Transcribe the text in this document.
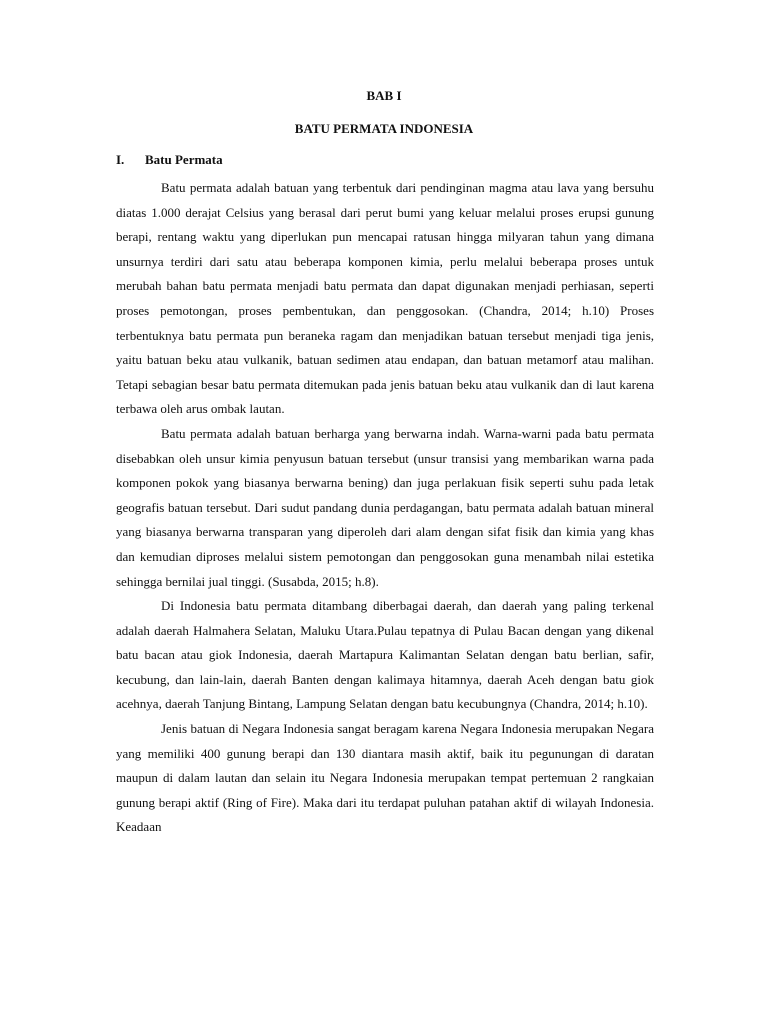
BAB I
BATU PERMATA INDONESIA
I. Batu Permata

Batu permata adalah batuan yang terbentuk dari pendinginan magma atau lava yang bersuhu diatas 1.000 derajat Celsius yang berasal dari perut bumi yang keluar melalui proses erupsi gunung berapi, rentang waktu yang diperlukan pun mencapai ratusan hingga milyaran tahun yang dimana unsurnya terdiri dari satu atau beberapa komponen kimia, perlu melalui beberapa proses untuk merubah bahan batu permata menjadi batu permata dan dapat digunakan menjadi perhiasan, seperti proses pemotongan, proses pembentukan, dan penggosokan. (Chandra, 2014; h.10) Proses terbentuknya batu permata pun beraneka ragam dan menjadikan batuan tersebut menjadi tiga jenis, yaitu batuan beku atau vulkanik, batuan sedimen atau endapan, dan batuan metamorf atau malihan. Tetapi sebagian besar batu permata ditemukan pada jenis batuan beku atau vulkanik dan di laut karena terbawa oleh arus ombak lautan.

Batu permata adalah batuan berharga yang berwarna indah. Warna-warni pada batu permata disebabkan oleh unsur kimia penyusun batuan tersebut (unsur transisi yang membarikan warna pada komponen pokok yang biasanya berwarna bening) dan juga perlakuan fisik seperti suhu pada letak geografis batuan tersebut. Dari sudut pandang dunia perdagangan, batu permata adalah batuan mineral yang biasanya berwarna transparan yang diperoleh dari alam dengan sifat fisik dan kimia yang khas dan kemudian diproses melalui sistem pemotongan dan penggosokan guna menambah nilai estetika sehingga bernilai jual tinggi. (Susabda, 2015; h.8).

Di Indonesia batu permata ditambang diberbagai daerah, dan daerah yang paling terkenal adalah daerah Halmahera Selatan, Maluku Utara.Pulau tepatnya di Pulau Bacan dengan yang dikenal batu bacan atau giok Indonesia, daerah Martapura Kalimantan Selatan dengan batu berlian, safir, kecubung, dan lain-lain, daerah Banten dengan kalimaya hitamnya, daerah Aceh dengan batu giok acehnya, daerah Tanjung Bintang, Lampung Selatan dengan batu kecubungnya (Chandra, 2014; h.10).

Jenis batuan di Negara Indonesia sangat beragam karena Negara Indonesia merupakan Negara yang memiliki 400 gunung berapi dan 130 diantara masih aktif, baik itu pegunungan di daratan maupun di dalam lautan dan selain itu Negara Indonesia merupakan tempat pertemuan 2 rangkaian gunung berapi aktif (Ring of Fire). Maka dari itu terdapat puluhan patahan aktif di wilayah Indonesia. Keadaan
